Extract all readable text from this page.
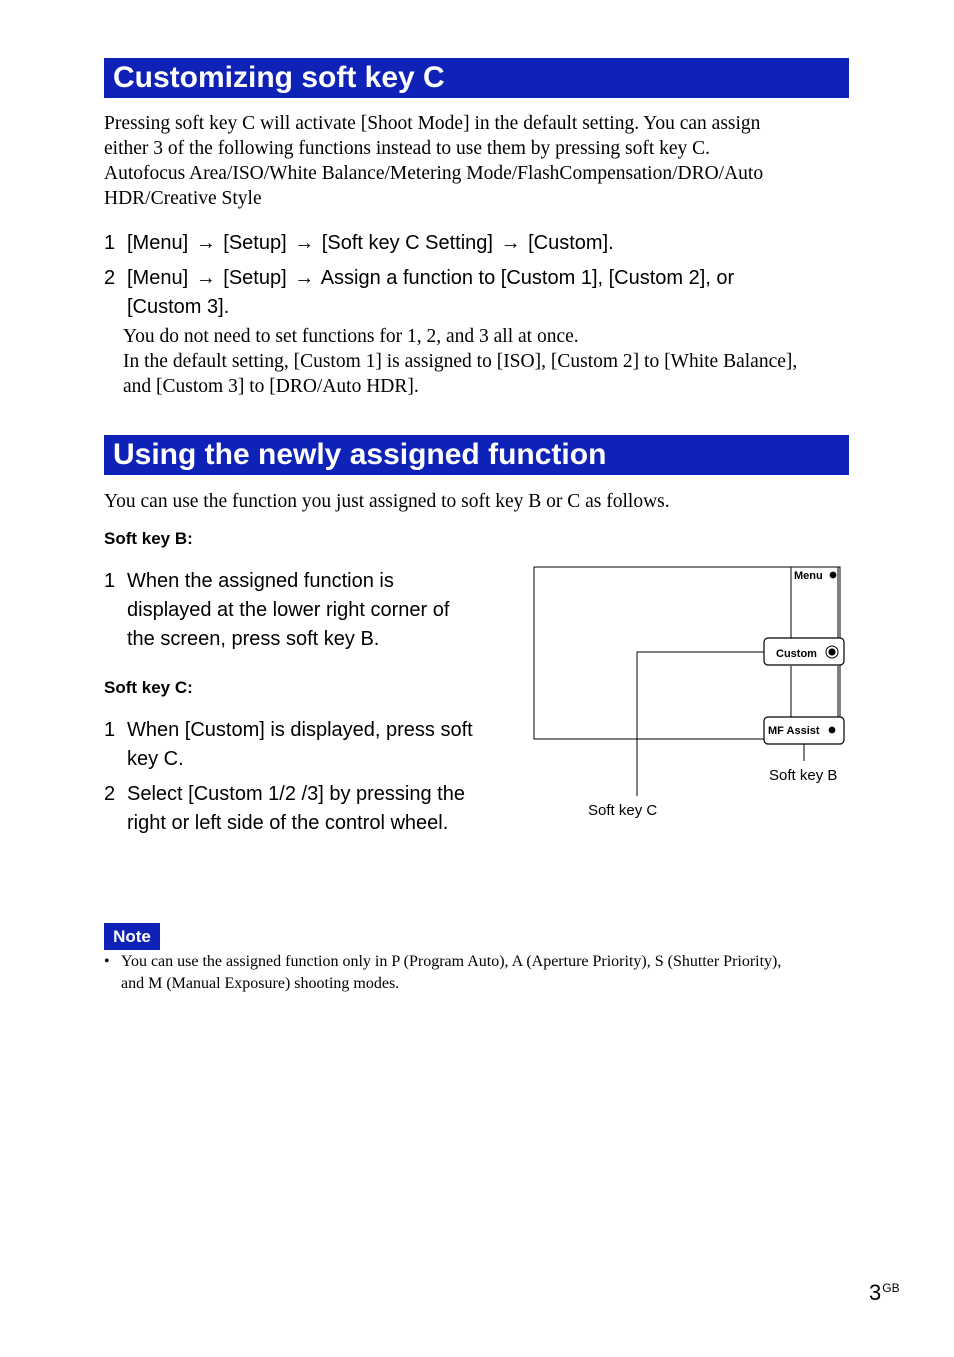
Customizing soft key C
Pressing soft key C will activate [Shoot Mode] in the default setting. You can assign
either 3 of the following functions instead to use them by pressing soft key C.
Autofocus Area/ISO/White Balance/Metering Mode/FlashCompensation/DRO/Auto
HDR/Creative Style
1 [Menu] → [Setup] → [Soft key C Setting] → [Custom].
2 [Menu] → [Setup] → Assign a function to [Custom 1], [Custom 2], or
[Custom 3].
You do not need to set functions for 1, 2, and 3 all at once.
In the default setting, [Custom 1] is assigned to [ISO], [Custom 2] to [White Balance],
and [Custom 3] to [DRO/Auto HDR].
Using the newly assigned function
You can use the function you just assigned to soft key B or C as follows.
Soft key B:
1 When the assigned function is
displayed at the lower right corner of
the screen, press soft key B.
Soft key C:
1 When [Custom] is displayed, press soft
key C.
2 Select [Custom 1/2 /3] by pressing the
right or left side of the control wheel.
Menu
Custom
MF Assist
Soft key B
Soft key C
Note
• You can use the assigned function only in P (Program Auto), A (Aperture Priority), S (Shutter Priority),
and M (Manual Exposure) shooting modes.
$3^{GB}$
